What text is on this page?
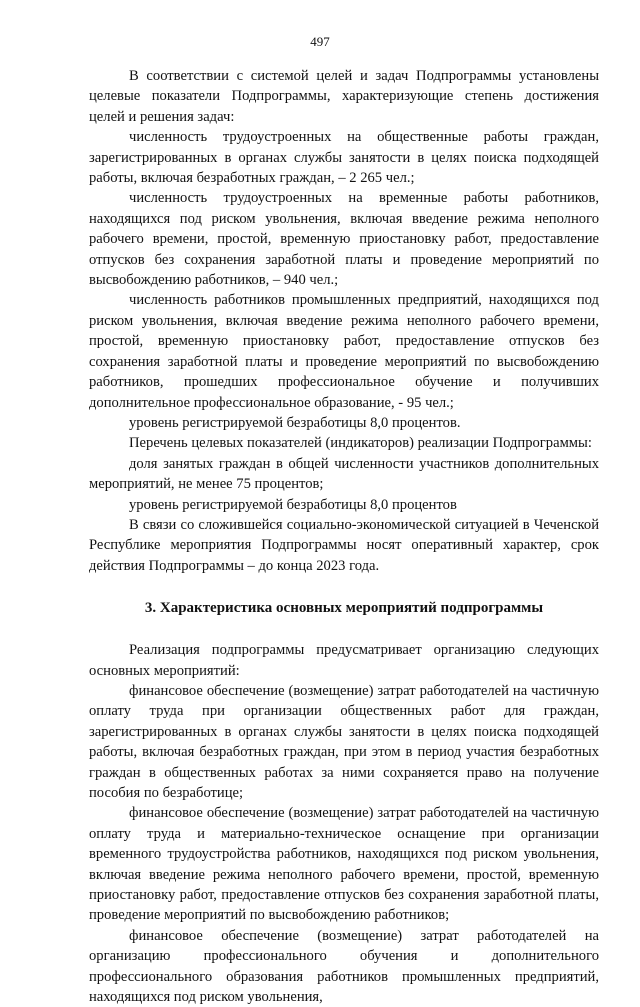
497

В соответствии с системой целей и задач Подпрограммы установлены целевые показатели Подпрограммы, характеризующие степень достижения целей и решения задач:

численность трудоустроенных на общественные работы граждан, зарегистрированных в органах службы занятости в целях поиска подходящей работы, включая безработных граждан, – 2 265 чел.;

численность трудоустроенных на временные работы работников, находящихся под риском увольнения, включая введение режима неполного рабочего времени, простой, временную приостановку работ, предоставление отпусков без сохранения заработной платы и проведение мероприятий по высвобождению работников, – 940 чел.;

численность работников промышленных предприятий, находящихся под риском увольнения, включая введение режима неполного рабочего времени, простой, временную приостановку работ, предоставление отпусков без сохранения заработной платы и проведение мероприятий по высвобождению работников, прошедших профессиональное обучение и получивших дополнительное профессиональное образование, - 95 чел.;

уровень регистрируемой безработицы 8,0 процентов.

Перечень целевых показателей (индикаторов) реализации Подпрограммы:

доля занятых граждан в общей численности участников дополнительных мероприятий, не менее 75 процентов;

уровень регистрируемой безработицы 8,0 процентов

В связи со сложившейся социально-экономической ситуацией в Чеченской Республике мероприятия Подпрограммы носят оперативный характер, срок действия Подпрограммы – до конца 2023 года.

3. Характеристика основных мероприятий подпрограммы

Реализация подпрограммы предусматривает организацию следующих основных мероприятий:

финансовое обеспечение (возмещение) затрат работодателей на частичную оплату труда при организации общественных работ для граждан, зарегистрированных в органах службы занятости в целях поиска подходящей работы, включая безработных граждан, при этом в период участия безработных граждан в общественных работах за ними сохраняется право на получение пособия по безработице;

финансовое обеспечение (возмещение) затрат работодателей на частичную оплату труда и материально-техническое оснащение при организации временного трудоустройства работников, находящихся под риском увольнения, включая введение режима неполного рабочего времени, простой, временную приостановку работ, предоставление отпусков без сохранения заработной платы, проведение мероприятий по высвобождению работников;

финансовое обеспечение (возмещение) затрат работодателей на организацию профессионального обучения и дополнительного профессионального образования работников промышленных предприятий, находящихся под риском увольнения,
